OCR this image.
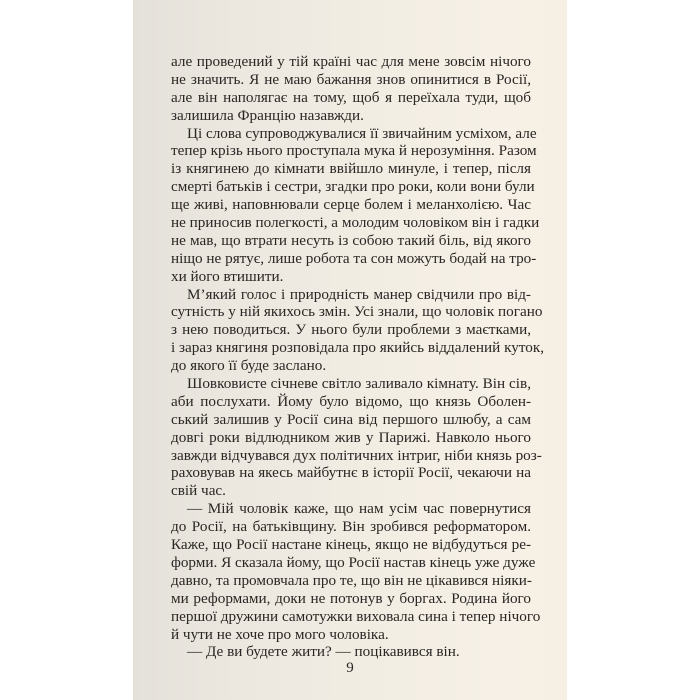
але проведений у тій країні час для мене зовсім нічого
не значить. Я не маю бажання знов опинитися в Росії,
але він наполягає на тому, щоб я переїхала туди, щоб
залишила Францію назавжди.
Ці слова супроводжувалися її звичайним усміхом, але
тепер крізь нього проступала мука й нерозуміння. Разом
із княгинею до кімнати ввійшло минуле, і тепер, після
смерті батьків і сестри, згадки про роки, коли вони були
ще живі, наповнювали серце болем і меланхолією. Час
не приносив полегкості, а молодим чоловіком він і гадки
не мав, що втрати несуть із собою такий біль, від якого
ніщо не рятує, лише робота та сон можуть бодай на тро-
хи його втишити.
М’який голос і природність манер свідчили про від-
сутність у ній якихось змін. Усі знали, що чоловік погано
з нею поводиться. У нього були проблеми з маєтками,
і зараз княгиня розповідала про якийсь віддалений куток,
до якого її буде заслано.
Шовковисте січневе світло заливало кімнату. Він сів,
аби послухати. Йому було відомо, що князь Оболен-
ський залишив у Росії сина від першого шлюбу, а сам
довгі роки відлюдником жив у Парижі. Навколо нього
завжди відчувався дух політичних інтриг, ніби князь роз-
раховував на якесь майбутнє в історії Росії, чекаючи на
свій час.
— Мій чоловік каже, що нам усім час повернутися
до Росії, на батьківщину. Він зробився реформатором.
Каже, що Росії настане кінець, якщо не відбудуться ре-
форми. Я сказала йому, що Росії настав кінець уже дуже
давно, та промовчала про те, що він не цікавився ніяки-
ми реформами, доки не потонув у боргах. Родина його
першої дружини самотужки виховала сина і тепер нічого
й чути не хоче про мого чоловіка.
— Де ви будете жити? — поцікавився він.
9
